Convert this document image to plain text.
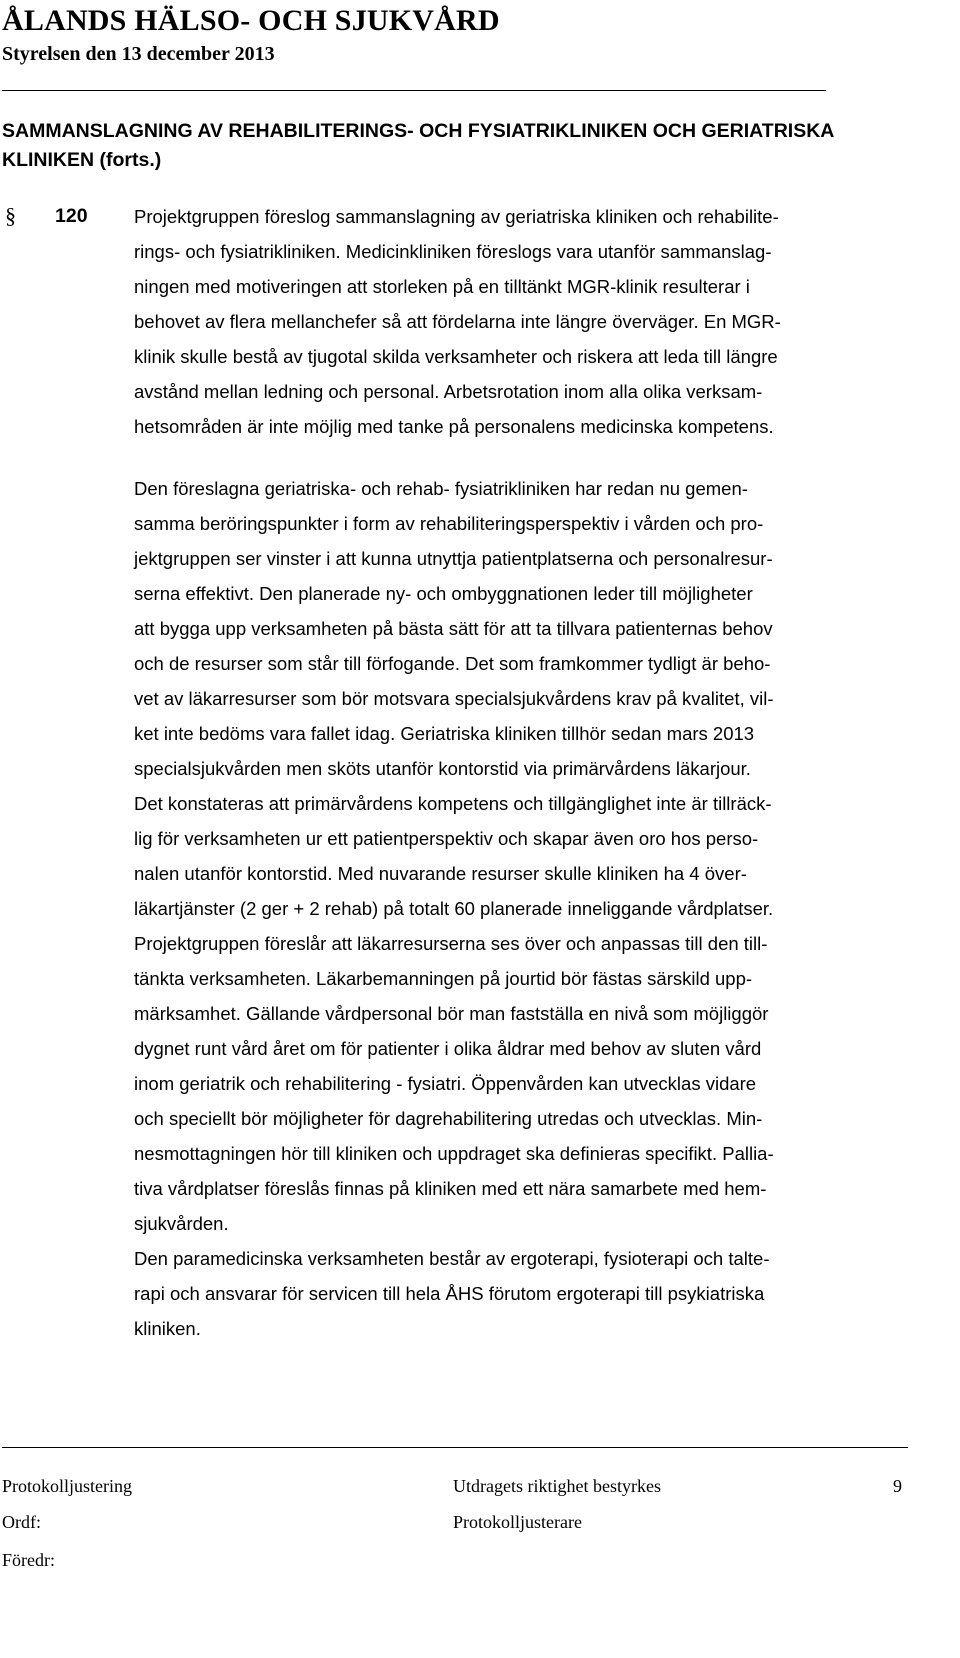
ÅLANDS HÄLSO- OCH SJUKVÅRD
Styrelsen den 13 december 2013
SAMMANSLAGNING AV REHABILITERINGS- OCH FYSIATRIKLINIKEN OCH GERIATRISKA
KLINIKEN (forts.)
§ 120	Projektgruppen föreslog sammanslagning av geriatriska kliniken och rehabilite-
rings- och fysiatrikliniken. Medicinkliniken föreslogs vara utanför sammanslag-
ningen med motiveringen att storleken på en tilltänkt MGR-klinik resulterar i
behovet av flera mellanchefer så att fördelarna inte längre överväger. En MGR-
klinik skulle bestå av tjugotal skilda verksamheter och riskera att leda till längre
avstånd mellan ledning och personal. Arbetsrotation inom alla olika verksam-
hetsområden är inte möjlig med tanke på personalens medicinska kompetens.
Den föreslagna geriatriska- och rehab- fysiatrikliniken har redan nu gemen-
samma beröringspunkter i form av rehabiliteringsperspektiv i vården och pro-
jektgruppen ser vinster i att kunna utnyttja patientplatserna och personalresur-
serna effektivt. Den planerade ny- och ombyggnationen leder till möjligheter
att bygga upp verksamheten på bästa sätt för att ta tillvara patienternas behov
och de resurser som står till förfogande. Det som framkommer tydligt är beho-
vet av läkarresurser som bör motsvara specialsjukvårdens krav på kvalitet, vil-
ket inte bedöms vara fallet idag. Geriatriska kliniken tillhör sedan mars 2013
specialsjukvården men sköts utanför kontorstid via primärvårdens läkarjour.
Det konstateras att primärvårdens kompetens och tillgänglighet inte är tillräck-
lig för verksamheten ur ett patientperspektiv och skapar även oro hos perso-
nalen utanför kontorstid. Med nuvarande resurser skulle kliniken ha 4 över-
läkartjänster (2 ger + 2 rehab) på totalt 60 planerade inneliggande vårdplatser.
Projektgruppen föreslår att läkarresurserna ses över och anpassas till den till-
tänkta verksamheten. Läkarbemanningen på jourtid bör fästas särskild upp-
märksamhet. Gällande vårdpersonal bör man fastställa en nivå som möjliggör
dygnet runt vård året om för patienter i olika åldrar med behov av sluten vård
inom geriatrik och rehabilitering - fysiatri. Öppenvården kan utvecklas vidare
och speciellt bör möjligheter för dagrehabilitering utredas och utvecklas. Min-
nesmottagningen hör till kliniken och uppdraget ska definieras specifikt. Pallia-
tiva vårdplatser föreslås finnas på kliniken med ett nära samarbete med hem-
sjukvården.
Den paramedicinska verksamheten består av ergoterapi, fysioterapi och talte-
rapi och ansvarar för servicen till hela ÅHS förutom ergoterapi till psykiatriska
kliniken.
Protokolljustering	Utdragets riktighet bestyrkes	9
Ordf:	Protokolljusterare
Föredr:
